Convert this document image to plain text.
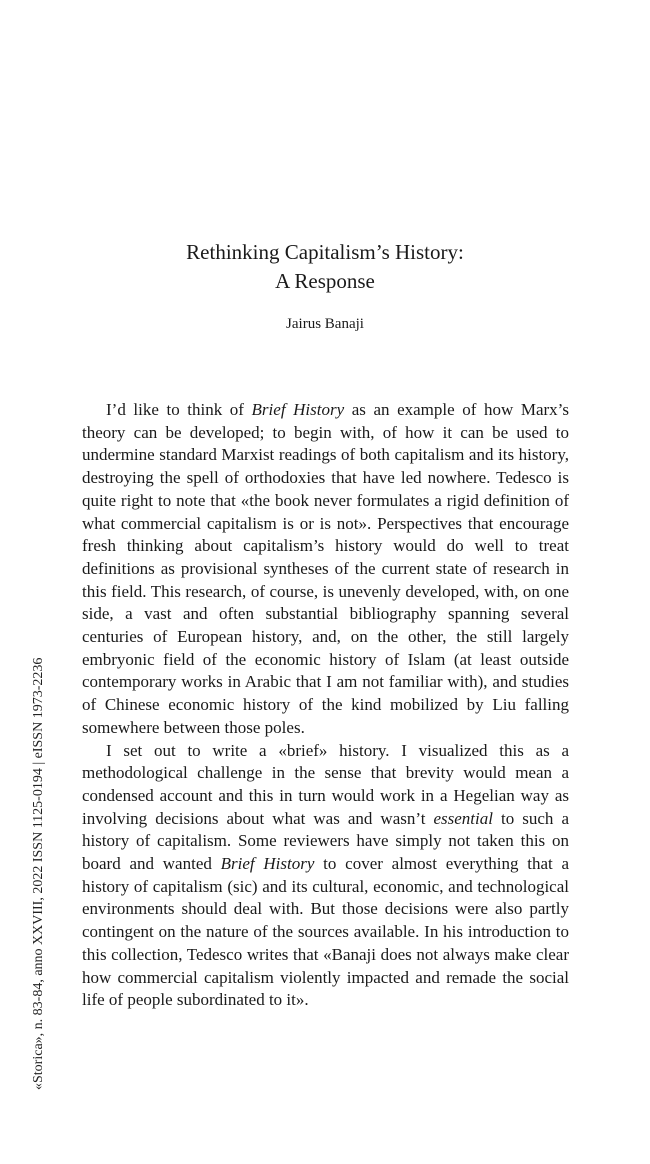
Rethinking Capitalism’s History:
A Response
Jairus Banaji

I’d like to think of Brief History as an example of how Marx’s theory can be developed; to begin with, of how it can be used to undermine standard Marxist readings of both capitalism and its history, destroying the spell of orthodoxies that have led nowhere. Tedesco is quite right to note that «the book never formulates a rigid definition of what commercial capitalism is or is not». Perspectives that encourage fresh thinking about capitalism’s history would do well to treat definitions as provisional syntheses of the current state of research in this field. This research, of course, is unevenly developed, with, on one side, a vast and often substantial bibliography spanning several centuries of European history, and, on the other, the still largely embryonic field of the economic history of Islam (at least outside contemporary works in Arabic that I am not familiar with), and studies of Chinese economic history of the kind mobilized by Liu falling somewhere between those poles.

I set out to write a «brief» history. I visualized this as a methodological challenge in the sense that brevity would mean a condensed account and this in turn would work in a Hegelian way as involving decisions about what was and wasn’t essential to such a history of capitalism. Some reviewers have simply not taken this on board and wanted Brief History to cover almost everything that a history of capitalism (sic) and its cultural, economic, and technological environments should deal with. But those decisions were also partly contingent on the nature of the sources available. In his introduction to this collection, Tedesco writes that «Banaji does not always make clear how commercial capitalism violently impacted and remade the social life of people subordinated to it».

«Storica», n. 83-84, anno XXVIII, 2022 ISSN 1125-0194 | eISSN 1973-2236
